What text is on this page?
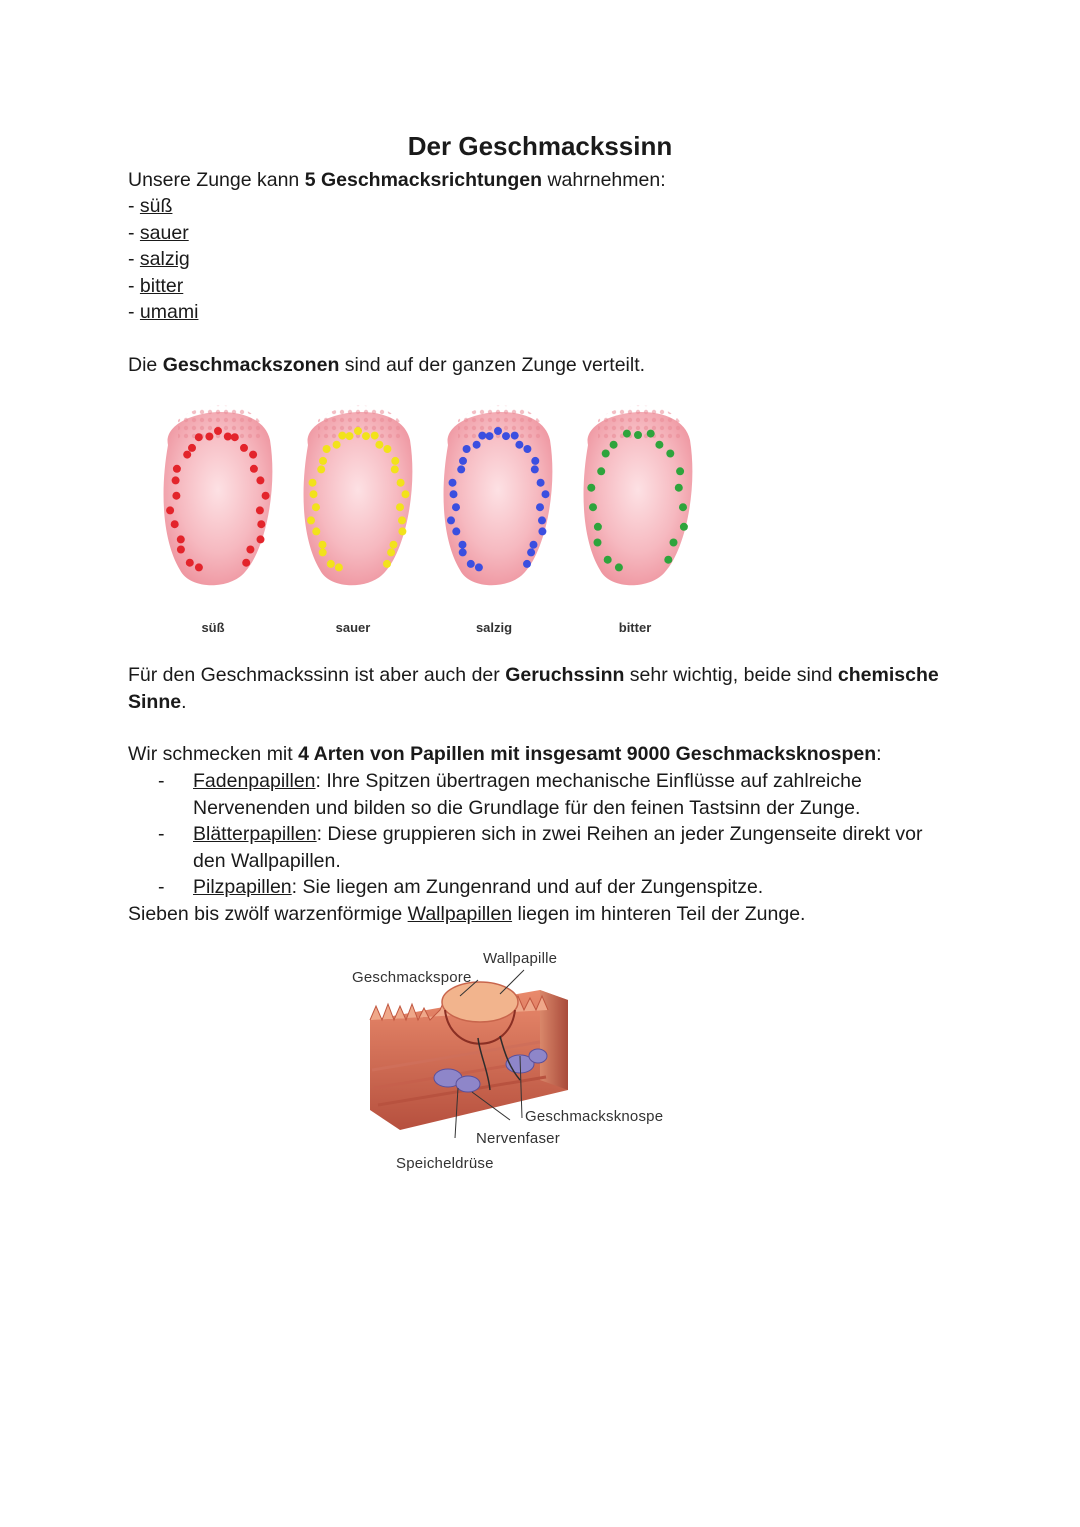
Der Geschmackssinn
Unsere Zunge kann 5 Geschmacksrichtungen wahrnehmen:
- süß
- sauer
- salzig
- bitter
- umami
Die Geschmackszonen sind auf der ganzen Zunge verteilt.
süß	sauer	salzig	bitter
Für den Geschmackssinn ist aber auch der Geruchssinn sehr wichtig, beide sind chemische Sinne.
Wir schmecken mit 4 Arten von Papillen mit insgesamt 9000 Geschmacksknospen:
- Fadenpapillen: Ihre Spitzen übertragen mechanische Einflüsse auf zahlreiche Nervenenden und bilden so die Grundlage für den feinen Tastsinn der Zunge.
- Blätterpapillen: Diese gruppieren sich in zwei Reihen an jeder Zungenseite direkt vor den Wallpapillen.
- Pilzpapillen: Sie liegen am Zungenrand und auf der Zungenspitze.
Sieben bis zwölf warzenförmige Wallpapillen liegen im hinteren Teil der Zunge.
Wallpapille
Geschmackspore
Geschmacksknospe
Nervenfaser
Speicheldrüse
